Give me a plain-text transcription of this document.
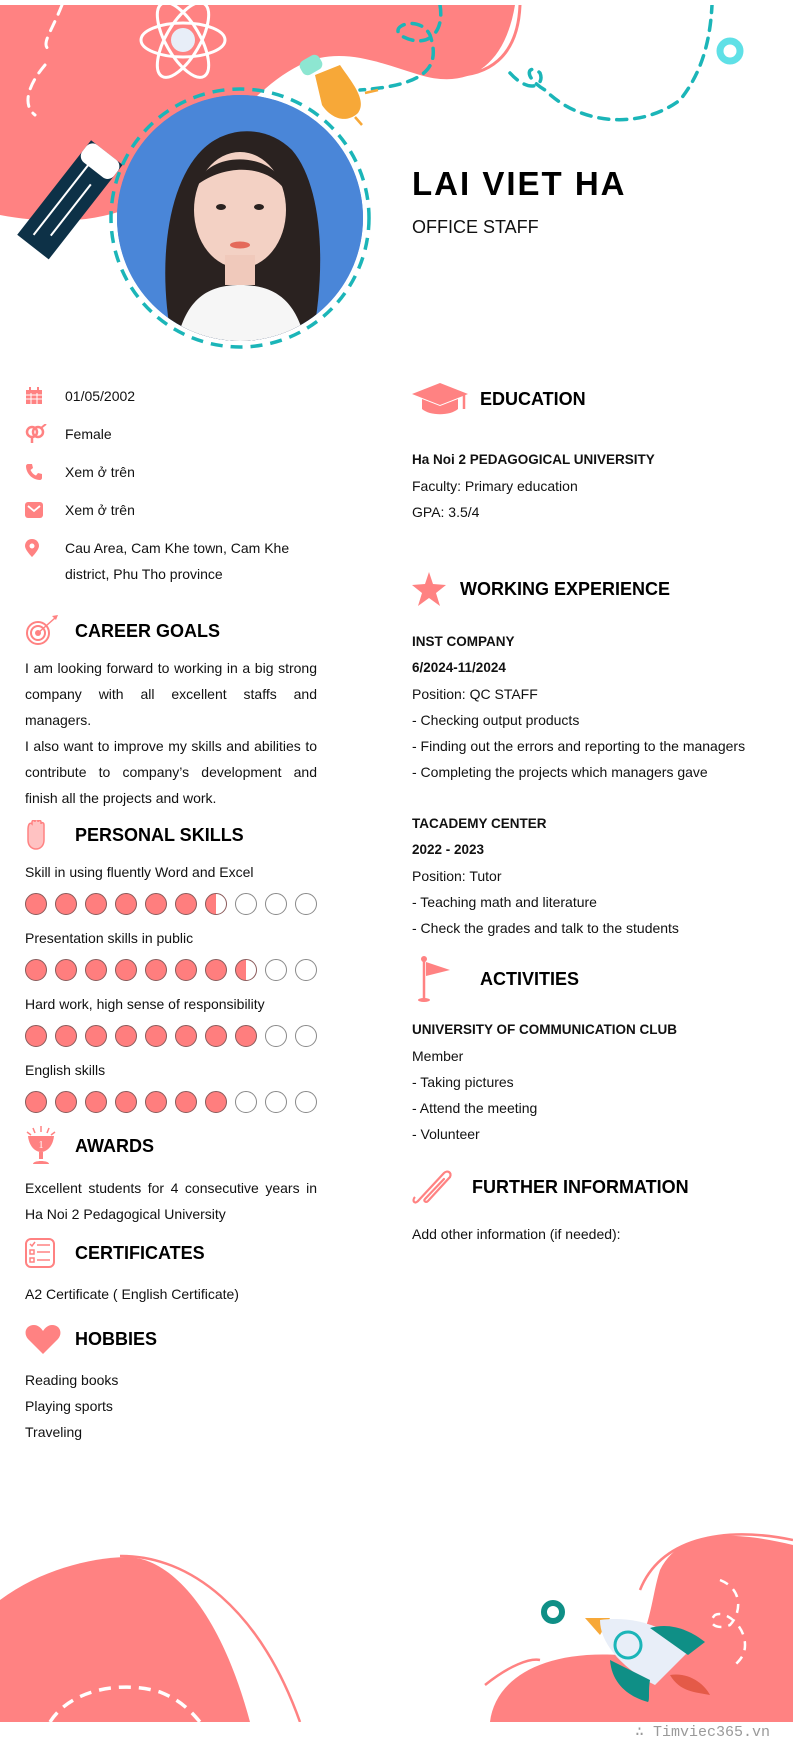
LAI VIET HA
OFFICE STAFF
01/05/2002
Female
Xem ở trên
Xem ở trên
Cau Area, Cam Khe town, Cam Khe district, Phu Tho province
CAREER GOALS

I am looking forward to working in a big strong company with all excellent staffs and managers.

I also want to improve my skills and abilities to contribute to company’s development and finish all the projects and work.

PERSONAL SKILLS

Skill in using fluently Word and Excel

Presentation skills in public

Hard work, high sense of responsibility

English skills

1 AWARDS

Excellent students for 4 consecutive years in Ha Noi 2 Pedagogical University

CERTIFICATES

A2 Certificate ( English Certificate)

HOBBIES

Reading books

Playing sports

Traveling

EDUCATION

Ha Noi 2 PEDAGOGICAL UNIVERSITY

Faculty: Primary education

GPA: 3.5/4

WORKING EXPERIENCE

INST COMPANY

6/2024-11/2024

Position: QC STAFF

- Checking output products

- Finding out the errors and reporting to the managers

- Completing the projects which managers gave

TACADEMY CENTER

2022 - 2023

Position: Tutor

- Teaching math and literature

- Check the grades and talk to the students

ACTIVITIES

UNIVERSITY OF COMMUNICATION CLUB

Member

- Taking pictures

- Attend the meeting

- Volunteer

FURTHER INFORMATION

Add other information (if needed):

∴ Timviec365.vn
